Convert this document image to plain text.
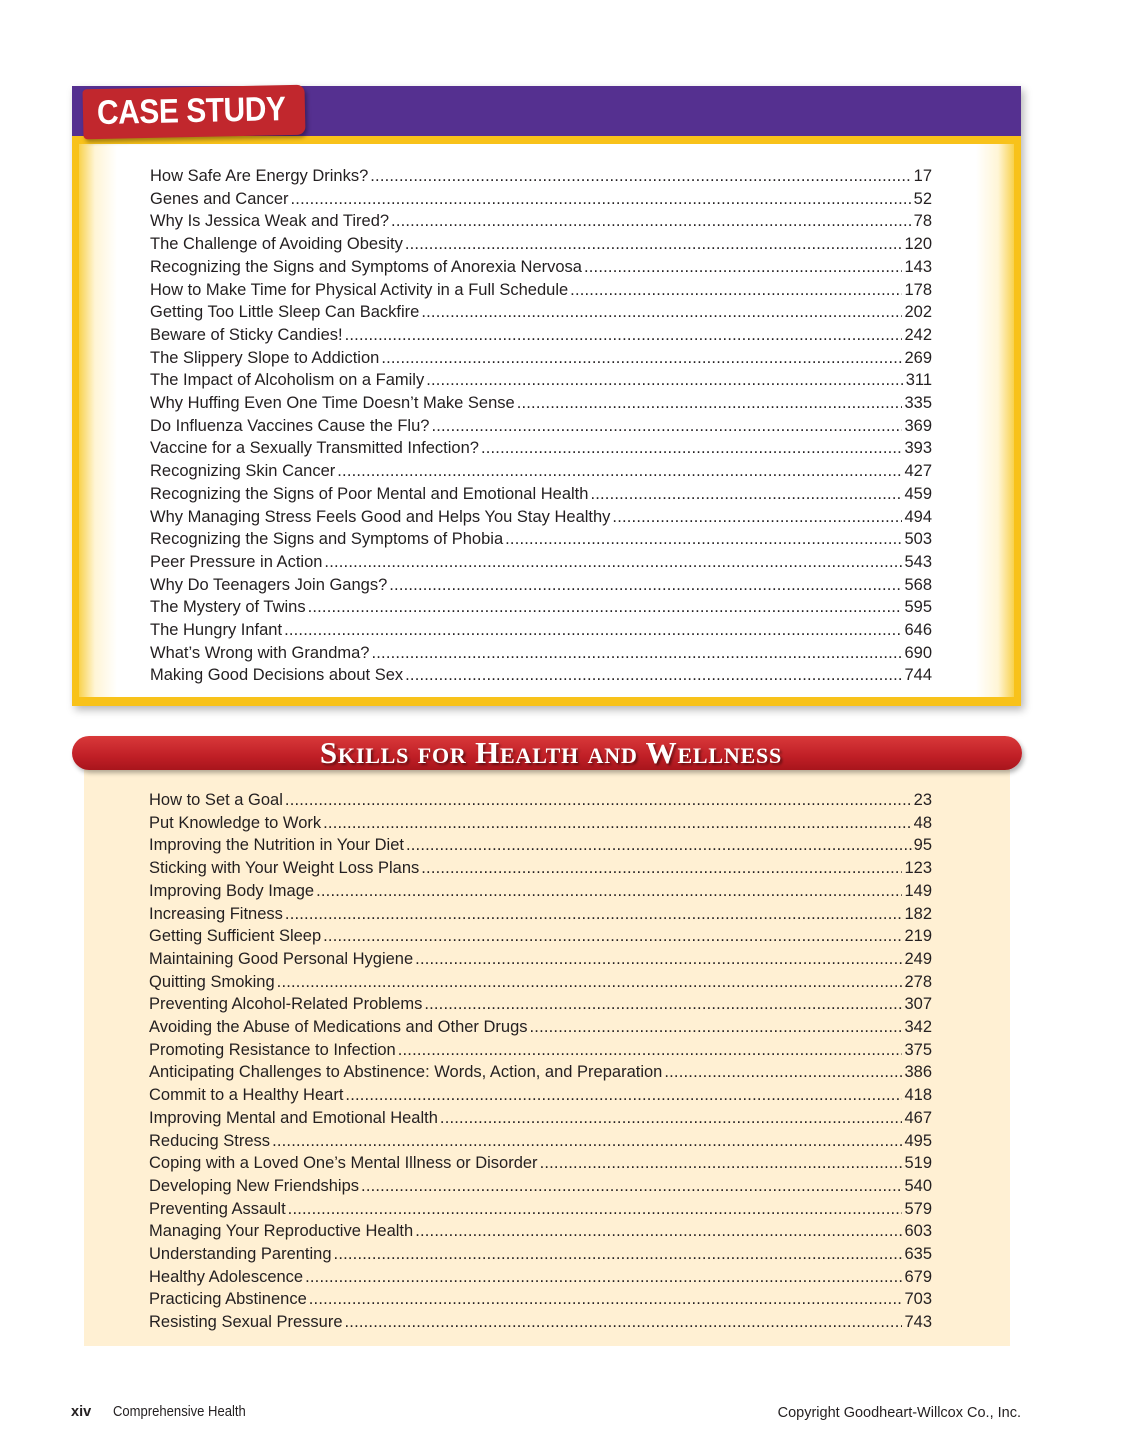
CASE STUDY
How Safe Are Energy Drinks? .....	17
Genes and Cancer .....	52
Why Is Jessica Weak and Tired? .....	78
The Challenge of Avoiding Obesity .....	120
Recognizing the Signs and Symptoms of Anorexia Nervosa .....	143
How to Make Time for Physical Activity in a Full Schedule .....	178
Getting Too Little Sleep Can Backfire .....	202
Beware of Sticky Candies! .....	242
The Slippery Slope to Addiction .....	269
The Impact of Alcoholism on a Family .....	311
Why Huffing Even One Time Doesn’t Make Sense .....	335
Do Influenza Vaccines Cause the Flu? .....	369
Vaccine for a Sexually Transmitted Infection? .....	393
Recognizing Skin Cancer .....	427
Recognizing the Signs of Poor Mental and Emotional Health .....	459
Why Managing Stress Feels Good and Helps You Stay Healthy .....	494
Recognizing the Signs and Symptoms of Phobia .....	503
Peer Pressure in Action .....	543
Why Do Teenagers Join Gangs? .....	568
The Mystery of Twins .....	595
The Hungry Infant .....	646
What’s Wrong with Grandma? .....	690
Making Good Decisions about Sex .....	744
Skills for Health and Wellness
How to Set a Goal .....	23
Put Knowledge to Work .....	48
Improving the Nutrition in Your Diet .....	95
Sticking with Your Weight Loss Plans .....	123
Improving Body Image .....	149
Increasing Fitness .....	182
Getting Sufficient Sleep .....	219
Maintaining Good Personal Hygiene .....	249
Quitting Smoking .....	278
Preventing Alcohol-Related Problems .....	307
Avoiding the Abuse of Medications and Other Drugs .....	342
Promoting Resistance to Infection .....	375
Anticipating Challenges to Abstinence: Words, Action, and Preparation .....	386
Commit to a Healthy Heart .....	418
Improving Mental and Emotional Health .....	467
Reducing Stress .....	495
Coping with a Loved One’s Mental Illness or Disorder .....	519
Developing New Friendships .....	540
Preventing Assault .....	579
Managing Your Reproductive Health .....	603
Understanding Parenting .....	635
Healthy Adolescence .....	679
Practicing Abstinence .....	703
Resisting Sexual Pressure .....	743
xiv Comprehensive Health	Copyright Goodheart-Willcox Co., Inc.
